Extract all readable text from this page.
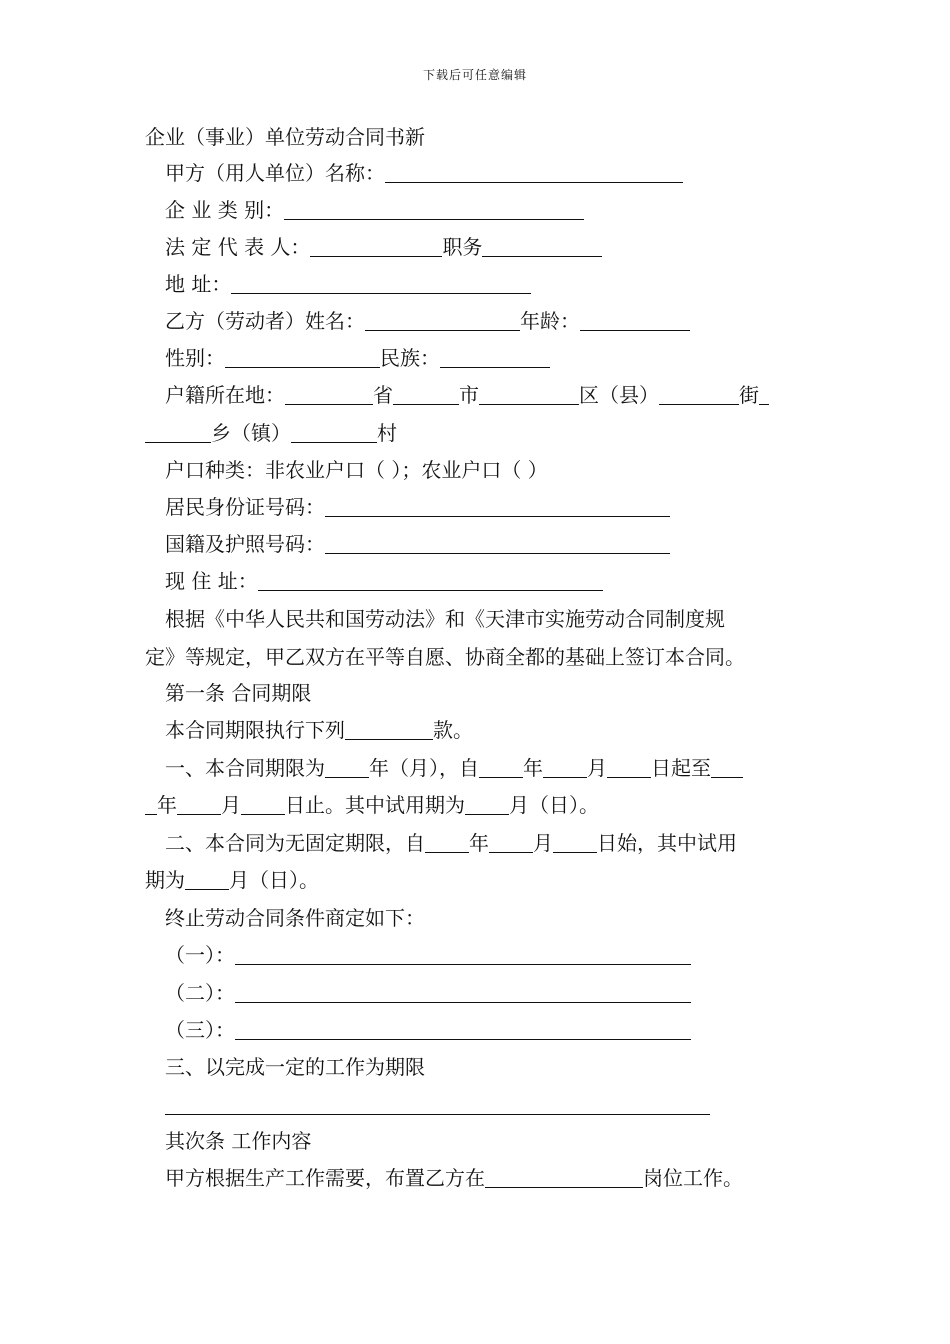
下载后可任意编辑
企业（事业）单位劳动合同书新
甲方（用人单位）名称：
企 业 类 别：
法 定 代 表 人：	职务
地 址：
乙方（劳动者）姓名：	年龄：
性别：	民族：
户籍所在地：	省	市	区（县）	街
乡（镇）	村
户口种类：非农业户口（ ）；农业户口（ ）
居民身份证号码：
国籍及护照号码：
现 住 址：
根据《中华人民共和国劳动法》和《天津市实施劳动合同制度规
定》等规定，甲乙双方在平等自愿、协商全都的基础上签订本合同。
第一条 合同期限
本合同期限执行下列	款。
一、本合同期限为 年（月），自 年 月 日起至
年 月 日止。其中试用期为 月（日）。
二、本合同为无固定期限，自 年 月 日始，其中试用
期为 月（日）。
终止劳动合同条件商定如下：
（一）：
（二）：
（三）：
三、以完成一定的工作为期限
其次条 工作内容
甲方根据生产工作需要，布置乙方在	岗位工作。
